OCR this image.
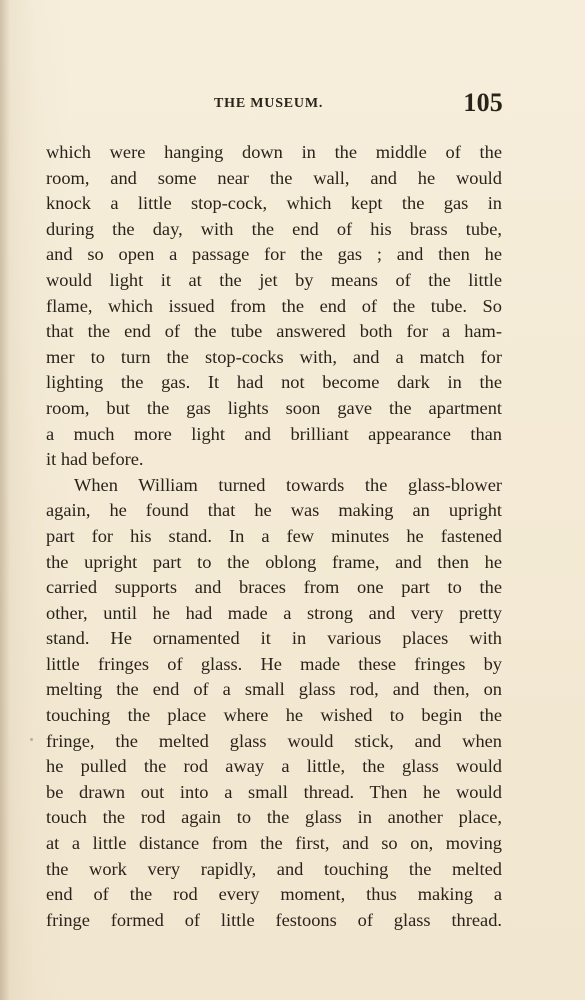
THE MUSEUM.	105
which were hanging down in the middle of the
room, and some near the wall, and he would
knock a little stop-cock, which kept the gas in
during the day, with the end of his brass tube,
and so open a passage for the gas ; and then he
would light it at the jet by means of the little
flame, which issued from the end of the tube. So
that the end of the tube answered both for a ham-
mer to turn the stop-cocks with, and a match for
lighting the gas. It had not become dark in the
room, but the gas lights soon gave the apartment
a much more light and brilliant appearance than
it had before.
When William turned towards the glass-blower
again, he found that he was making an upright
part for his stand. In a few minutes he fastened
the upright part to the oblong frame, and then he
carried supports and braces from one part to the
other, until he had made a strong and very pretty
stand. He ornamented it in various places with
little fringes of glass. He made these fringes by
melting the end of a small glass rod, and then, on
touching the place where he wished to begin the
fringe, the melted glass would stick, and when
he pulled the rod away a little, the glass would
be drawn out into a small thread. Then he would
touch the rod again to the glass in another place,
at a little distance from the first, and so on, moving
the work very rapidly, and touching the melted
end of the rod every moment, thus making a
fringe formed of little festoons of glass thread.
